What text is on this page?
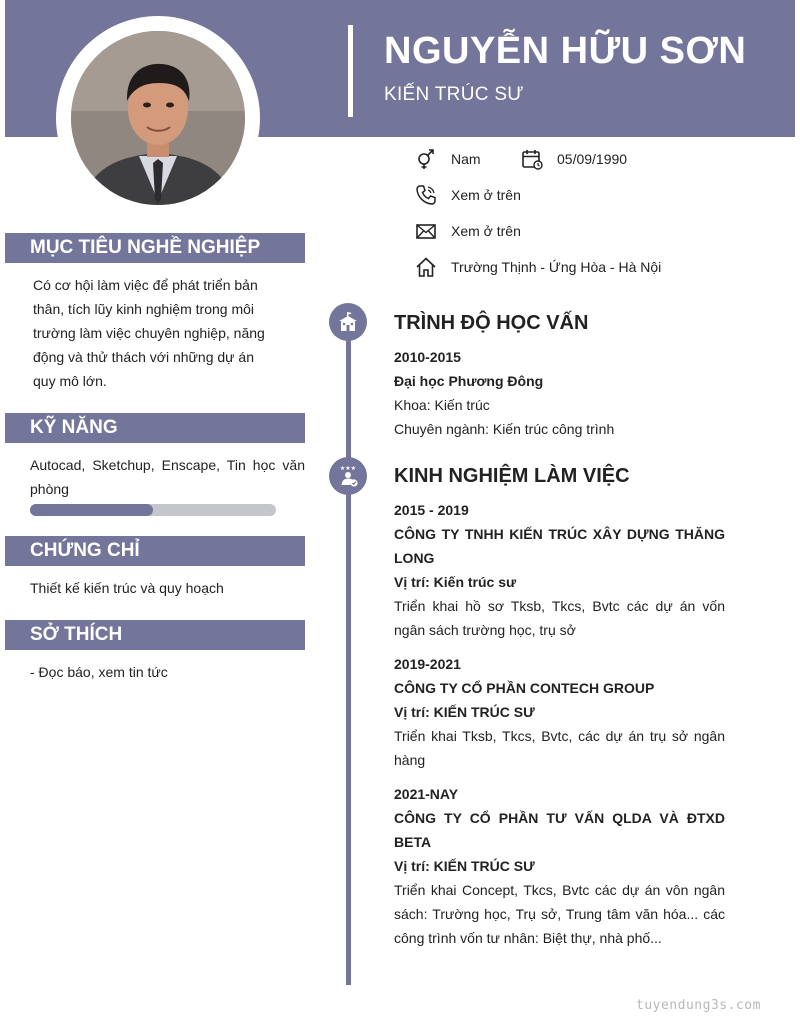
NGUYỄN HỮU SƠN
KIẾN TRÚC SƯ
Nam	05/09/1990
Xem ở trên
Xem ở trên
Trường Thịnh - Ứng Hòa - Hà Nội
MỤC TIÊU NGHỀ NGHIỆP
Có cơ hội làm việc để phát triển bản
thân, tích lũy kinh nghiệm trong môi
trường làm việc chuyên nghiệp, năng
động và thử thách với những dự án
quy mô lớn.
KỸ NĂNG
Autocad, Sketchup, Enscape, Tin học văn phòng
CHỨNG CHỈ
Thiết kế kiến trúc và quy hoạch
SỞ THÍCH
- Đọc báo, xem tin tức
★★★
TRÌNH ĐỘ HỌC VẤN
2010-2015
Đại học Phương Đông
Khoa: Kiến trúc
Chuyên ngành: Kiến trúc công trình
KINH NGHIỆM LÀM VIỆC
2015 - 2019
CÔNG TY TNHH KIẾN TRÚC XÂY DỰNG THĂNG LONG
Vị trí: Kiến trúc sư
Triển khai hồ sơ Tksb, Tkcs, Bvtc các dự án vốn ngân sách trường học, trụ sở
2019-2021
CÔNG TY CỔ PHẦN CONTECH GROUP
Vị trí: KIẾN TRÚC SƯ
Triển khai Tksb, Tkcs, Bvtc, các dự án trụ sở ngân hàng
2021-NAY
CÔNG TY CỔ PHẦN TƯ VẤN QLDA VÀ ĐTXD BETA
Vị trí: KIẾN TRÚC SƯ
Triển khai Concept, Tkcs, Bvtc các dự án vôn ngân sách: Trường học, Trụ sở, Trung tâm văn hóa... các công trình vốn tư nhân: Biệt thự, nhà phố...
tuyendung3s.com
